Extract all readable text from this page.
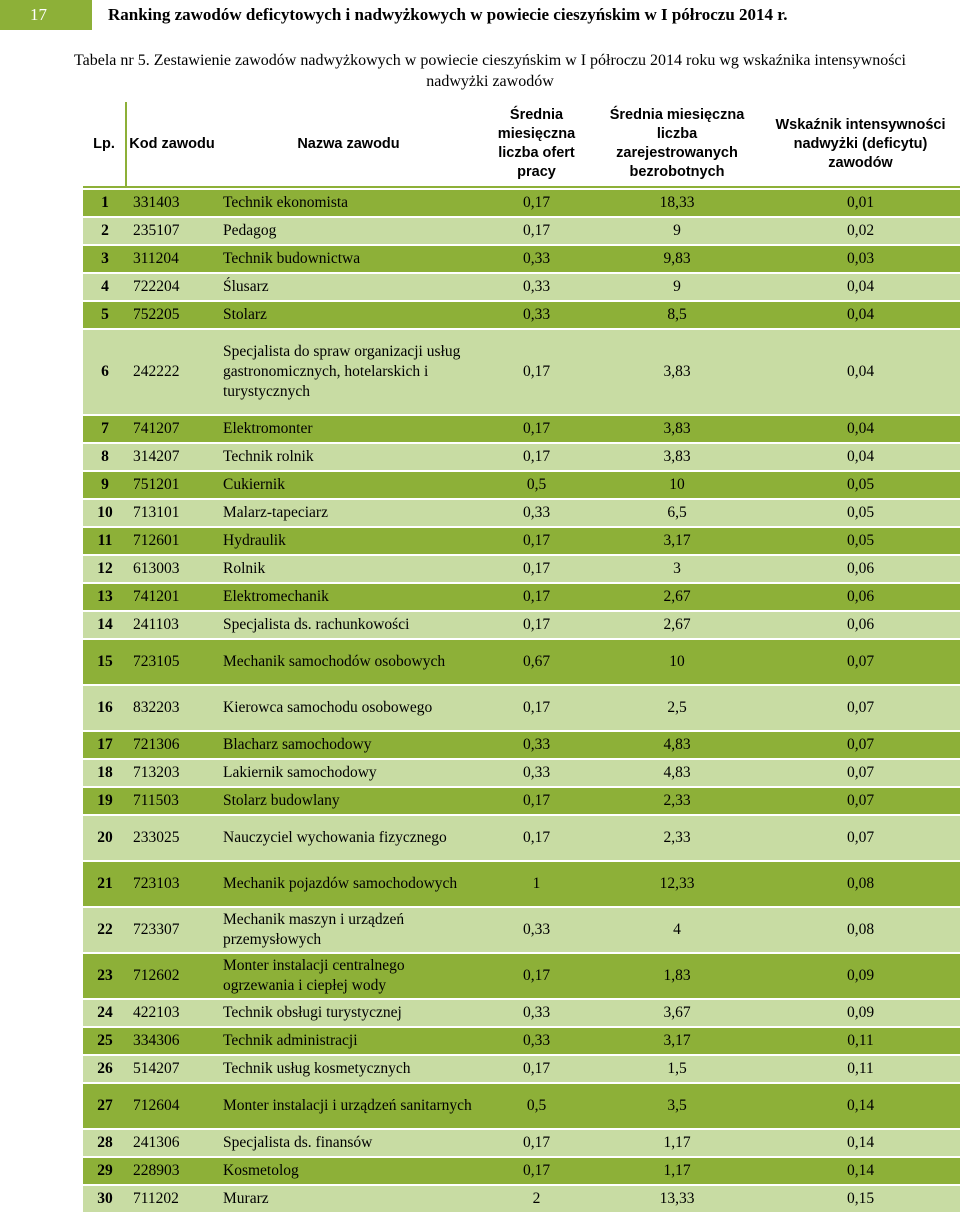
17	Ranking zawodów deficytowych i nadwyżkowych w powiecie cieszyńskim w I półroczu 2014 r.
Tabela nr 5. Zestawienie zawodów nadwyżkowych w powiecie cieszyńskim w I półroczu 2014 roku wg wskaźnika intensywności nadwyżki zawodów
Lp.	Kod zawodu	Nazwa zawodu	Średnia miesięczna liczba ofert pracy	Średnia miesięczna liczba zarejestrowanych bezrobotnych	Wskaźnik intensywności nadwyżki (deficytu) zawodów
1	331403	Technik ekonomista	0,17	18,33	0,01
2	235107	Pedagog	0,17	9	0,02
3	311204	Technik budownictwa	0,33	9,83	0,03
4	722204	Ślusarz	0,33	9	0,04
5	752205	Stolarz	0,33	8,5	0,04
6	242222	Specjalista do spraw organizacji usług gastronomicznych, hotelarskich i turystycznych	0,17	3,83	0,04
7	741207	Elektromonter	0,17	3,83	0,04
8	314207	Technik rolnik	0,17	3,83	0,04
9	751201	Cukiernik	0,5	10	0,05
10	713101	Malarz-tapeciarz	0,33	6,5	0,05
11	712601	Hydraulik	0,17	3,17	0,05
12	613003	Rolnik	0,17	3	0,06
13	741201	Elektromechanik	0,17	2,67	0,06
14	241103	Specjalista ds. rachunkowości	0,17	2,67	0,06
15	723105	Mechanik samochodów osobowych	0,67	10	0,07
16	832203	Kierowca samochodu osobowego	0,17	2,5	0,07
17	721306	Blacharz samochodowy	0,33	4,83	0,07
18	713203	Lakiernik samochodowy	0,33	4,83	0,07
19	711503	Stolarz budowlany	0,17	2,33	0,07
20	233025	Nauczyciel wychowania fizycznego	0,17	2,33	0,07
21	723103	Mechanik pojazdów samochodowych	1	12,33	0,08
22	723307	Mechanik maszyn i urządzeń przemysłowych	0,33	4	0,08
23	712602	Monter instalacji centralnego ogrzewania i ciepłej wody	0,17	1,83	0,09
24	422103	Technik obsługi turystycznej	0,33	3,67	0,09
25	334306	Technik administracji	0,33	3,17	0,11
26	514207	Technik usług kosmetycznych	0,17	1,5	0,11
27	712604	Monter instalacji i urządzeń sanitarnych	0,5	3,5	0,14
28	241306	Specjalista ds. finansów	0,17	1,17	0,14
29	228903	Kosmetolog	0,17	1,17	0,14
30	711202	Murarz	2	13,33	0,15
